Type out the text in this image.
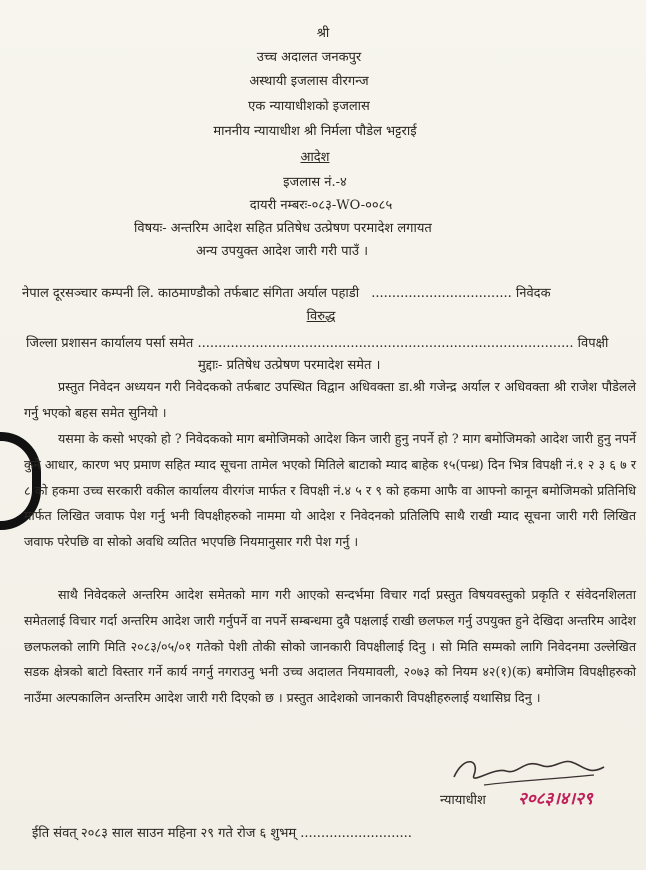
श्री
उच्च अदालत जनकपुर
अस्थायी इजलास वीरगन्ज
एक न्यायाधीशको इजलास
माननीय न्यायाधीश श्री निर्मला पौडेल भट्टराई
आदेश
इजलास नं.-४
दायरी नम्बरः-०८३-WO-००८५
विषयः- अन्तरिम आदेश सहित प्रतिषेध उत्प्रेषण परमादेश लगायत
अन्य उपयुक्त आदेश जारी गरी पाउँ ।
नेपाल दूरसञ्चार कम्पनी लि. काठमाण्डौको तर्फबाट संगिता अर्याल पहाडी .................................. निवेदक
विरुद्ध
जिल्ला प्रशासन कार्यालय पर्सा समेत ........................................................................................... विपक्षी
मुद्दाः- प्रतिषेध उत्प्रेषण परमादेश समेत ।
प्रस्तुत निवेदन अध्ययन गरी निवेदकको तर्फबाट उपस्थित विद्वान अधिवक्ता डा.श्री गजेन्द्र अर्याल र अधिवक्ता श्री राजेश पौडेलले गर्नु भएको बहस समेत सुनियो ।
यसमा के कसो भएको हो ? निवेदकको माग बमोजिमको आदेश किन जारी हुनु नपर्ने हो ? माग बमोजिमको आदेश जारी हुनु नपर्ने कुनै आधार, कारण भए प्रमाण सहित म्याद सूचना तामेल भएको मितिले बाटाको म्याद बाहेक १५(पन्ध्र) दिन भित्र विपक्षी नं.१ २ ३ ६ ७ र ८ को हकमा उच्च सरकारी वकील कार्यालय वीरगंज मार्फत र विपक्षी नं.४ ५ र ९ को हकमा आफै वा आफ्नो कानून बमोजिमको प्रतिनिधि मार्फत लिखित जवाफ पेश गर्नु भनी विपक्षीहरुको नाममा यो आदेश र निवेदनको प्रतिलिपि साथै राखी म्याद सूचना जारी गरी लिखित जवाफ परेपछि वा सोको अवधि व्यतित भएपछि नियमानुसार गरी पेश गर्नु ।
साथै निवेदकले अन्तरिम आदेश समेतको माग गरी आएको सन्दर्भमा विचार गर्दा प्रस्तुत विषयवस्तुको प्रकृति र संवेदनशिलता समेतलाई विचार गर्दा अन्तरिम आदेश जारी गर्नुपर्ने वा नपर्ने सम्बन्धमा दुवै पक्षलाई राखी छलफल गर्नु उपयुक्त हुने देखिदा अन्तरिम आदेश छलफलको लागि मिति २०८३/०५/०१ गतेको पेशी तोकी सोको जानकारी विपक्षीलाई दिनु । सो मिति सम्मको लागि निवेदनमा उल्लेखित सडक क्षेत्रको बाटो विस्तार गर्ने कार्य नगर्नु नगराउनु भनी उच्च अदालत नियमावली, २०७३ को नियम ४२(१)(क) बमोजिम विपक्षीहरुको नाउँमा अल्पकालिन अन्तरिम आदेश जारी गरी दिएको छ । प्रस्तुत आदेशको जानकारी विपक्षीहरुलाई यथासिघ्र दिनु ।
न्यायाधीश २०८३।४।२९
ईति संवत् २०८३ साल साउन महिना २९ गते रोज ६ शुभम् ...........................
